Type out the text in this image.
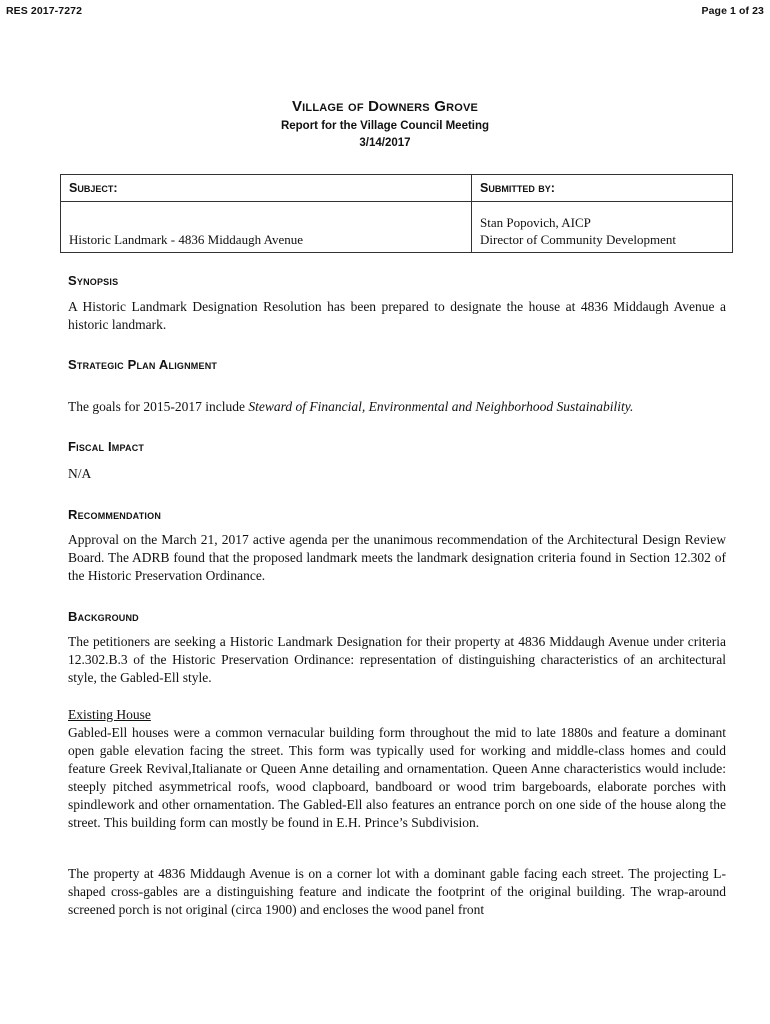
RES 2017-7272	Page 1 of 23
Village of Downers Grove
Report for the Village Council Meeting
3/14/2017
Subject:	Submitted by:
Historic Landmark - 4836 Middaugh Avenue	Stan Popovich, AICP
Director of Community Development
Synopsis
A Historic Landmark Designation Resolution has been prepared to designate the house at 4836 Middaugh Avenue a historic landmark.
Strategic Plan Alignment
The goals for 2015-2017 include Steward of Financial, Environmental and Neighborhood Sustainability.
Fiscal Impact
N/A
Recommendation
Approval on the March 21, 2017 active agenda per the unanimous recommendation of the Architectural Design Review Board. The ADRB found that the proposed landmark meets the landmark designation criteria found in Section 12.302 of the Historic Preservation Ordinance.
Background
The petitioners are seeking a Historic Landmark Designation for their property at 4836 Middaugh Avenue under criteria 12.302.B.3 of the Historic Preservation Ordinance: representation of distinguishing characteristics of an architectural style, the Gabled-Ell style.
Existing House
Gabled-Ell houses were a common vernacular building form throughout the mid to late 1880s and feature a dominant open gable elevation facing the street. This form was typically used for working and middle-class homes and could feature Greek Revival,Italianate or Queen Anne detailing and ornamentation. Queen Anne characteristics would include: steeply pitched asymmetrical roofs, wood clapboard, bandboard or wood trim bargeboards, elaborate porches with spindlework and other ornamentation. The Gabled-Ell also features an entrance porch on one side of the house along the street. This building form can mostly be found in E.H. Prince’s Subdivision.
The property at 4836 Middaugh Avenue is on a corner lot with a dominant gable facing each street. The projecting L-shaped cross-gables are a distinguishing feature and indicate the footprint of the original building. The wrap-around screened porch is not original (circa 1900) and encloses the wood panel front
